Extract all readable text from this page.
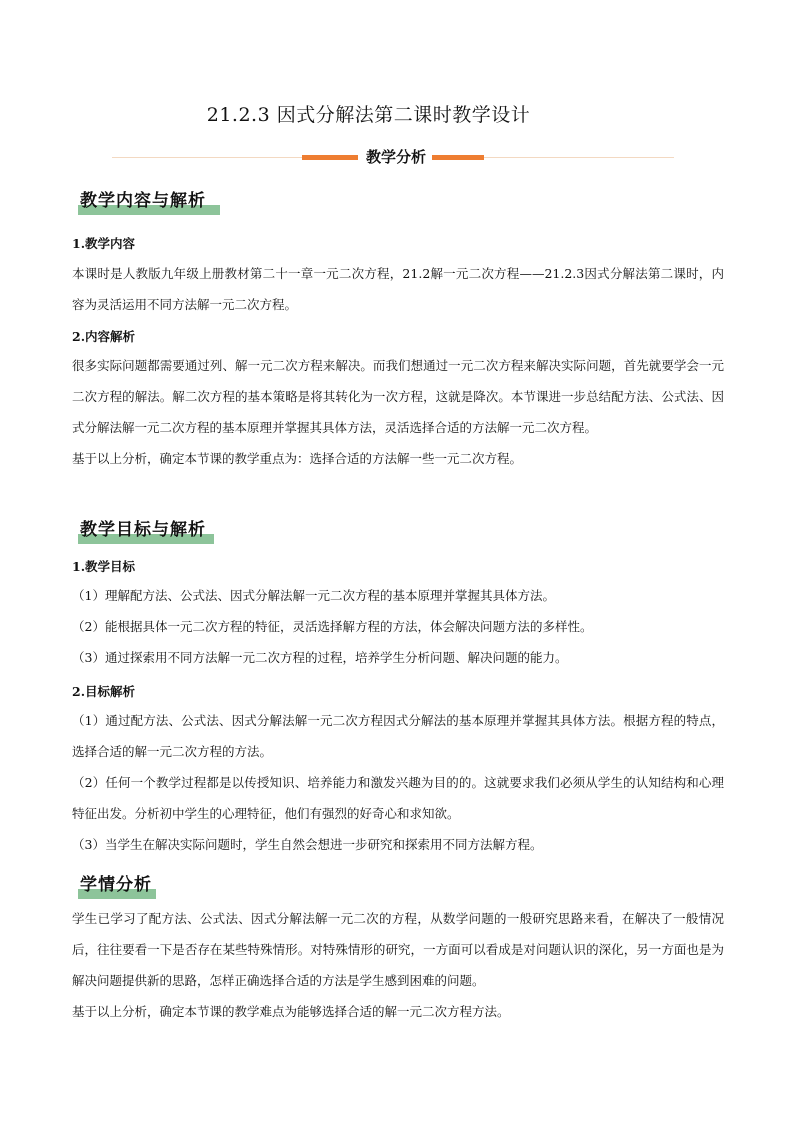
21.2.3 因式分解法第二课时教学设计
教学分析
教学内容与解析
1.教学内容

本课时是人教版九年级上册教材第二十一章一元二次方程，21.2解一元二次方程——21.2.3因式分解法第二课时，内容为灵活运用不同方法解一元二次方程。

2.内容解析

很多实际问题都需要通过列、解一元二次方程来解决。而我们想通过一元二次方程来解决实际问题，首先就要学会一元二次方程的解法。解二次方程的基本策略是将其转化为一次方程，这就是降次。本节课进一步总结配方法、公式法、因式分解法解一元二次方程的基本原理并掌握其具体方法，灵活选择合适的方法解一元二次方程。

基于以上分析，确定本节课的教学重点为：选择合适的方法解一些一元二次方程。

教学目标与解析
1.教学目标

（1）理解配方法、公式法、因式分解法解一元二次方程的基本原理并掌握其具体方法。

（2）能根据具体一元二次方程的特征，灵活选择解方程的方法，体会解决问题方法的多样性。

（3）通过探索用不同方法解一元二次方程的过程，培养学生分析问题、解决问题的能力。

2.目标解析

（1）通过配方法、公式法、因式分解法解一元二次方程因式分解法的基本原理并掌握其具体方法。根据方程的特点，选择合适的解一元二次方程的方法。

（2）任何一个教学过程都是以传授知识、培养能力和激发兴趣为目的的。这就要求我们必须从学生的认知结构和心理特征出发。分析初中学生的心理特征，他们有强烈的好奇心和求知欲。

（3）当学生在解决实际问题时，学生自然会想进一步研究和探索用不同方法解方程。

学情分析

学生已学习了配方法、公式法、因式分解法解一元二次的方程，从数学问题的一般研究思路来看，在解决了一般情况后，往往要看一下是否存在某些特殊情形。对特殊情形的研究，一方面可以看成是对问题认识的深化，另一方面也是为解决问题提供新的思路，怎样正确选择合适的方法是学生感到困难的问题。

基于以上分析，确定本节课的教学难点为能够选择合适的解一元二次方程方法。
